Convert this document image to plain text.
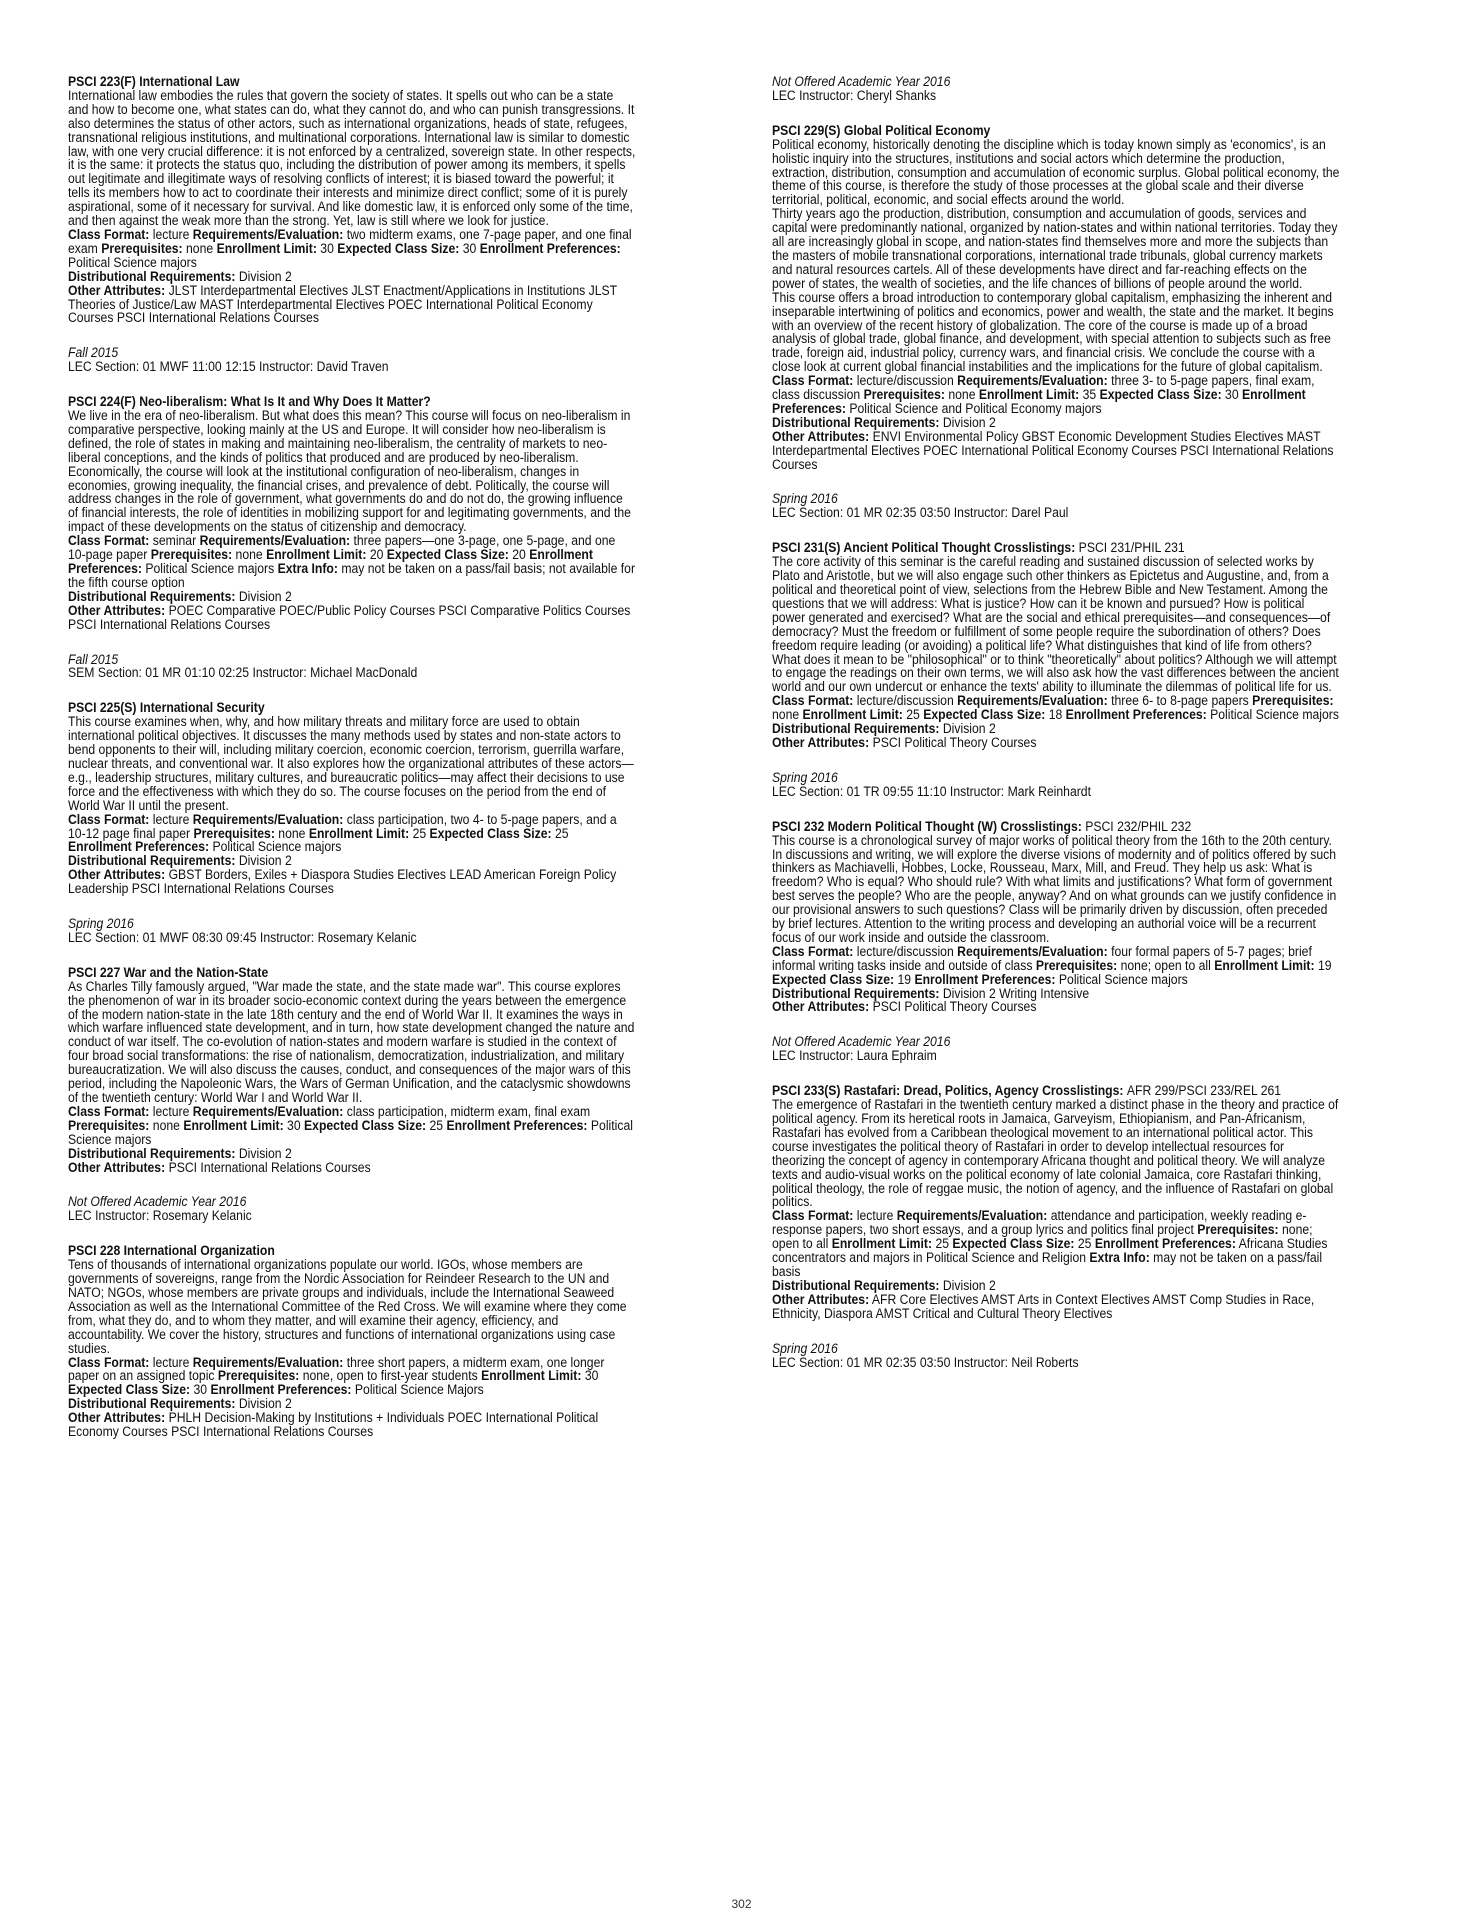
PSCI 223(F) International Law

International law embodies the rules that govern the society of states. It spells out who can be a state and how to become one, what states can do, what they cannot do, and who can punish transgressions. It also determines the status of other actors, such as international organizations, heads of state, refugees, transnational religious institutions, and multinational corporations. International law is similar to domestic law, with one very crucial difference: it is not enforced by a centralized, sovereign state. In other respects, it is the same: it protects the status quo, including the distribution of power among its members, it spells out legitimate and illegitimate ways of resolving conflicts of interest; it is biased toward the powerful; it tells its members how to act to coordinate their interests and minimize direct conflict; some of it is purely aspirational, some of it necessary for survival. And like domestic law, it is enforced only some of the time, and then against the weak more than the strong. Yet, law is still where we look for justice.

Class Format: lecture Requirements/Evaluation: two midterm exams, one 7-page paper, and one final exam Prerequisites: none Enrollment Limit: 30 Expected Class Size: 30 Enrollment Preferences: Political Science majors
Distributional Requirements: Division 2
Other Attributes: JLST Interdepartmental Electives JLST Enactment/Applications in Institutions JLST Theories of Justice/Law MAST Interdepartmental Electives POEC International Political Economy Courses PSCI International Relations Courses
Fall 2015
LEC Section: 01 MWF 11:00 12:15 Instructor: David Traven
PSCI 224(F) Neo-liberalism: What Is It and Why Does It Matter?

We live in the era of neo-liberalism. But what does this mean? This course will focus on neo-liberalism in comparative perspective, looking mainly at the US and Europe. It will consider how neo-liberalism is defined, the role of states in making and maintaining neo-liberalism, the centrality of markets to neo-liberal conceptions, and the kinds of politics that produced and are produced by neo-liberalism. Economically, the course will look at the institutional configuration of neo-liberalism, changes in economies, growing inequality, the financial crises, and prevalence of debt. Politically, the course will address changes in the role of government, what governments do and do not do, the growing influence of financial interests, the role of identities in mobilizing support for and legitimating governments, and the impact of these developments on the status of citizenship and democracy.

Class Format: seminar Requirements/Evaluation: three papers—one 3-page, one 5-page, and one 10-page paper Prerequisites: none Enrollment Limit: 20 Expected Class Size: 20 Enrollment Preferences: Political Science majors Extra Info: may not be taken on a pass/fail basis; not available for the fifth course option
Distributional Requirements: Division 2
Other Attributes: POEC Comparative POEC/Public Policy Courses PSCI Comparative Politics Courses PSCI International Relations Courses
Fall 2015
SEM Section: 01 MR 01:10 02:25 Instructor: Michael MacDonald
PSCI 225(S) International Security

This course examines when, why, and how military threats and military force are used to obtain international political objectives. It discusses the many methods used by states and non-state actors to bend opponents to their will, including military coercion, economic coercion, terrorism, guerrilla warfare, nuclear threats, and conventional war. It also explores how the organizational attributes of these actors—e.g., leadership structures, military cultures, and bureaucratic politics—may affect their decisions to use force and the effectiveness with which they do so. The course focuses on the period from the end of World War II until the present.

Class Format: lecture Requirements/Evaluation: class participation, two 4- to 5-page papers, and a 10-12 page final paper Prerequisites: none Enrollment Limit: 25 Expected Class Size: 25 Enrollment Preferences: Political Science majors
Distributional Requirements: Division 2
Other Attributes: GBST Borders, Exiles + Diaspora Studies Electives LEAD American Foreign Policy Leadership PSCI International Relations Courses
Spring 2016
LEC Section: 01 MWF 08:30 09:45 Instructor: Rosemary Kelanic
PSCI 227 War and the Nation-State

As Charles Tilly famously argued, "War made the state, and the state made war". This course explores the phenomenon of war in its broader socio-economic context during the years between the emergence of the modern nation-state in the late 18th century and the end of World War II. It examines the ways in which warfare influenced state development, and in turn, how state development changed the nature and conduct of war itself. The co-evolution of nation-states and modern warfare is studied in the context of four broad social transformations: the rise of nationalism, democratization, industrialization, and military bureaucratization. We will also discuss the causes, conduct, and consequences of the major wars of this period, including the Napoleonic Wars, the Wars of German Unification, and the cataclysmic showdowns of the twentieth century: World War I and World War II.

Class Format: lecture Requirements/Evaluation: class participation, midterm exam, final exam Prerequisites: none Enrollment Limit: 30 Expected Class Size: 25 Enrollment Preferences: Political Science majors
Distributional Requirements: Division 2
Other Attributes: PSCI International Relations Courses
Not Offered Academic Year 2016
LEC Instructor: Rosemary Kelanic
PSCI 228 International Organization

Tens of thousands of international organizations populate our world. IGOs, whose members are governments of sovereigns, range from the Nordic Association for Reindeer Research to the UN and NATO; NGOs, whose members are private groups and individuals, include the International Seaweed Association as well as the International Committee of the Red Cross. We will examine where they come from, what they do, and to whom they matter, and will examine their agency, efficiency, and accountability. We cover the history, structures and functions of international organizations using case studies.

Class Format: lecture Requirements/Evaluation: three short papers, a midterm exam, one longer paper on an assigned topic Prerequisites: none, open to first-year students Enrollment Limit: 30 Expected Class Size: 30 Enrollment Preferences: Political Science Majors
Distributional Requirements: Division 2
Other Attributes: PHLH Decision-Making by Institutions + Individuals POEC International Political Economy Courses PSCI International Relations Courses
Not Offered Academic Year 2016
LEC Instructor: Cheryl Shanks
PSCI 229(S) Global Political Economy

Political economy, historically denoting the discipline which is today known simply as 'economics', is an holistic inquiry into the structures, institutions and social actors which determine the production, extraction, distribution, consumption and accumulation of economic surplus. Global political economy, the theme of this course, is therefore the study of those processes at the global scale and their diverse territorial, political, economic, and social effects around the world.

Thirty years ago the production, distribution, consumption and accumulation of goods, services and capital were predominantly national, organized by nation-states and within national territories. Today they all are increasingly global in scope, and nation-states find themselves more and more the subjects than the masters of mobile transnational corporations, international trade tribunals, global currency markets and natural resources cartels. All of these developments have direct and far-reaching effects on the power of states, the wealth of societies, and the life chances of billions of people around the world.

This course offers a broad introduction to contemporary global capitalism, emphasizing the inherent and inseparable intertwining of politics and economics, power and wealth, the state and the market. It begins with an overview of the recent history of globalization. The core of the course is made up of a broad analysis of global trade, global finance, and development, with special attention to subjects such as free trade, foreign aid, industrial policy, currency wars, and financial crisis. We conclude the course with a close look at current global financial instabilities and the implications for the future of global capitalism.

Class Format: lecture/discussion Requirements/Evaluation: three 3- to 5-page papers, final exam, class discussion Prerequisites: none Enrollment Limit: 35 Expected Class Size: 30 Enrollment Preferences: Political Science and Political Economy majors
Distributional Requirements: Division 2
Other Attributes: ENVI Environmental Policy GBST Economic Development Studies Electives MAST Interdepartmental Electives POEC International Political Economy Courses PSCI International Relations Courses
Spring 2016
LEC Section: 01 MR 02:35 03:50 Instructor: Darel Paul
PSCI 231(S) Ancient Political Thought Crosslistings: PSCI 231/PHIL 231

The core activity of this seminar is the careful reading and sustained discussion of selected works by Plato and Aristotle, but we will also engage such other thinkers as Epictetus and Augustine, and, from a political and theoretical point of view, selections from the Hebrew Bible and New Testament. Among the questions that we will address: What is justice? How can it be known and pursued? How is political power generated and exercised? What are the social and ethical prerequisites—and consequences—of democracy? Must the freedom or fulfillment of some people require the subordination of others? Does freedom require leading (or avoiding) a political life? What distinguishes that kind of life from others? What does it mean to be "philosophical" or to think "theoretically" about politics? Although we will attempt to engage the readings on their own terms, we will also ask how the vast differences between the ancient world and our own undercut or enhance the texts' ability to illuminate the dilemmas of political life for us.

Class Format: lecture/discussion Requirements/Evaluation: three 6- to 8-page papers Prerequisites: none Enrollment Limit: 25 Expected Class Size: 18 Enrollment Preferences: Political Science majors
Distributional Requirements: Division 2
Other Attributes: PSCI Political Theory Courses
Spring 2016
LEC Section: 01 TR 09:55 11:10 Instructor: Mark Reinhardt
PSCI 232 Modern Political Thought (W) Crosslistings: PSCI 232/PHIL 232

This course is a chronological survey of major works of political theory from the 16th to the 20th century. In discussions and writing, we will explore the diverse visions of modernity and of politics offered by such thinkers as Machiavelli, Hobbes, Locke, Rousseau, Marx, Mill, and Freud. They help us ask: What is freedom? Who is equal? Who should rule? With what limits and justifications? What form of government best serves the people? Who are the people, anyway? And on what grounds can we justify confidence in our provisional answers to such questions? Class will be primarily driven by discussion, often preceded by brief lectures. Attention to the writing process and developing an authorial voice will be a recurrent focus of our work inside and outside the classroom.

Class Format: lecture/discussion Requirements/Evaluation: four formal papers of 5-7 pages; brief informal writing tasks inside and outside of class Prerequisites: none; open to all Enrollment Limit: 19 Expected Class Size: 19 Enrollment Preferences: Political Science majors
Distributional Requirements: Division 2 Writing Intensive
Other Attributes: PSCI Political Theory Courses
Not Offered Academic Year 2016
LEC Instructor: Laura Ephraim
PSCI 233(S) Rastafari: Dread, Politics, Agency Crosslistings: AFR 299/PSCI 233/REL 261

The emergence of Rastafari in the twentieth century marked a distinct phase in the theory and practice of political agency. From its heretical roots in Jamaica, Garveyism, Ethiopianism, and Pan-Africanism, Rastafari has evolved from a Caribbean theological movement to an international political actor. This course investigates the political theory of Rastafari in order to develop intellectual resources for theorizing the concept of agency in contemporary Africana thought and political theory. We will analyze texts and audio-visual works on the political economy of late colonial Jamaica, core Rastafari thinking, political theology, the role of reggae music, the notion of agency, and the influence of Rastafari on global politics.

Class Format: lecture Requirements/Evaluation: attendance and participation, weekly reading e-response papers, two short essays, and a group lyrics and politics final project Prerequisites: none; open to all Enrollment Limit: 25 Expected Class Size: 25 Enrollment Preferences: Africana Studies concentrators and majors in Political Science and Religion Extra Info: may not be taken on a pass/fail basis
Distributional Requirements: Division 2
Other Attributes: AFR Core Electives AMST Arts in Context Electives AMST Comp Studies in Race, Ethnicity, Diaspora AMST Critical and Cultural Theory Electives
Spring 2016
LEC Section: 01 MR 02:35 03:50 Instructor: Neil Roberts
302
